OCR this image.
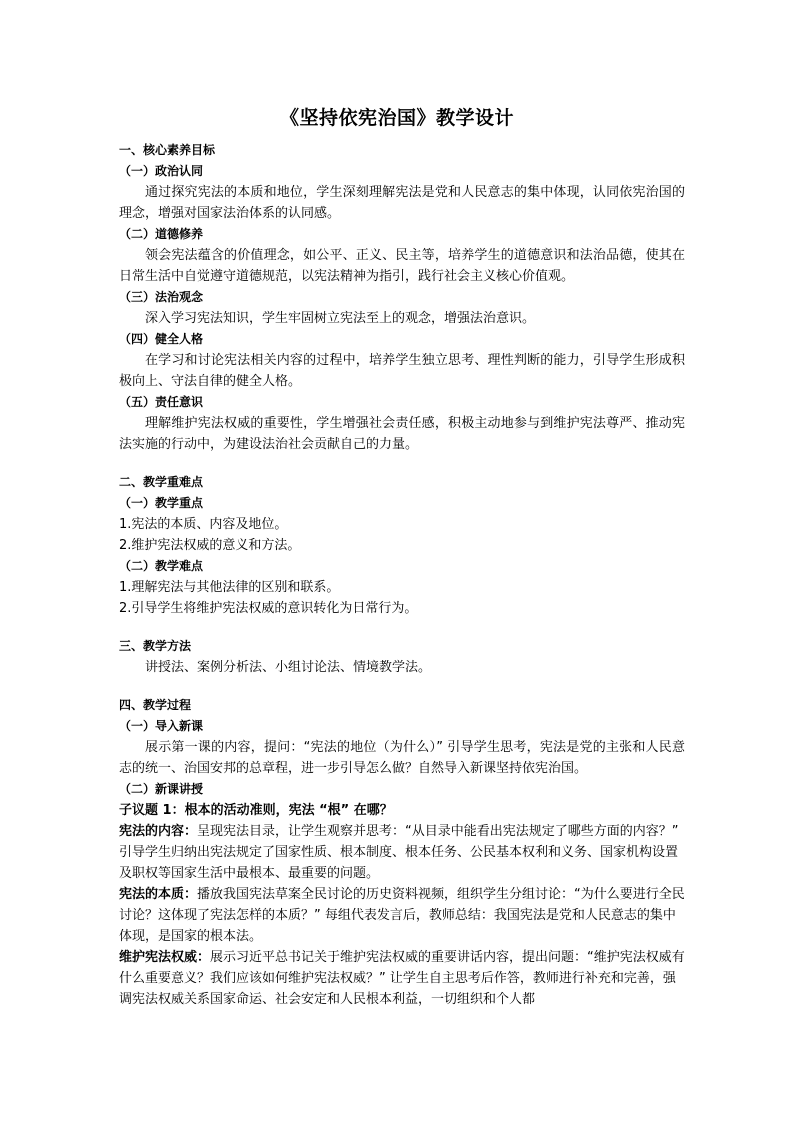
《坚持依宪治国》教学设计
一、核心素养目标
（一）政治认同
通过探究宪法的本质和地位，学生深刻理解宪法是党和人民意志的集中体现，认同依宪治国的理念，增强对国家法治体系的认同感。
（二）道德修养
领会宪法蕴含的价值理念，如公平、正义、民主等，培养学生的道德意识和法治品德，使其在日常生活中自觉遵守道德规范，以宪法精神为指引，践行社会主义核心价值观。
（三）法治观念
深入学习宪法知识，学生牢固树立宪法至上的观念，增强法治意识。
（四）健全人格
在学习和讨论宪法相关内容的过程中，培养学生独立思考、理性判断的能力，引导学生形成积极向上、守法自律的健全人格。
（五）责任意识
理解维护宪法权威的重要性，学生增强社会责任感，积极主动地参与到维护宪法尊严、推动宪法实施的行动中，为建设法治社会贡献自己的力量。
二、教学重难点
（一）教学重点
1.宪法的本质、内容及地位。
2.维护宪法权威的意义和方法。
（二）教学难点
1.理解宪法与其他法律的区别和联系。
2.引导学生将维护宪法权威的意识转化为日常行为。
三、教学方法
讲授法、案例分析法、小组讨论法、情境教学法。
四、教学过程
（一）导入新课
展示第一课的内容，提问：“宪法的地位（为什么）” 引导学生思考，宪法是党的主张和人民意志的统一、治国安邦的总章程，进一步引导怎么做？自然导入新课坚持依宪治国。
（二）新课讲授
子议题 1：根本的活动准则，宪法 “根” 在哪？
宪法的内容：呈现宪法目录，让学生观察并思考：“从目录中能看出宪法规定了哪些方面的内容？” 引导学生归纳出宪法规定了国家性质、根本制度、根本任务、公民基本权利和义务、国家机构设置及职权等国家生活中最根本、最重要的问题。
宪法的本质：播放我国宪法草案全民讨论的历史资料视频，组织学生分组讨论：“为什么要进行全民讨论？这体现了宪法怎样的本质？” 每组代表发言后，教师总结：我国宪法是党和人民意志的集中体现，是国家的根本法。
维护宪法权威：展示习近平总书记关于维护宪法权威的重要讲话内容，提出问题：“维护宪法权威有什么重要意义？我们应该如何维护宪法权威？” 让学生自主思考后作答，教师进行补充和完善，强调宪法权威关系国家命运、社会安定和人民根本利益，一切组织和个人都
